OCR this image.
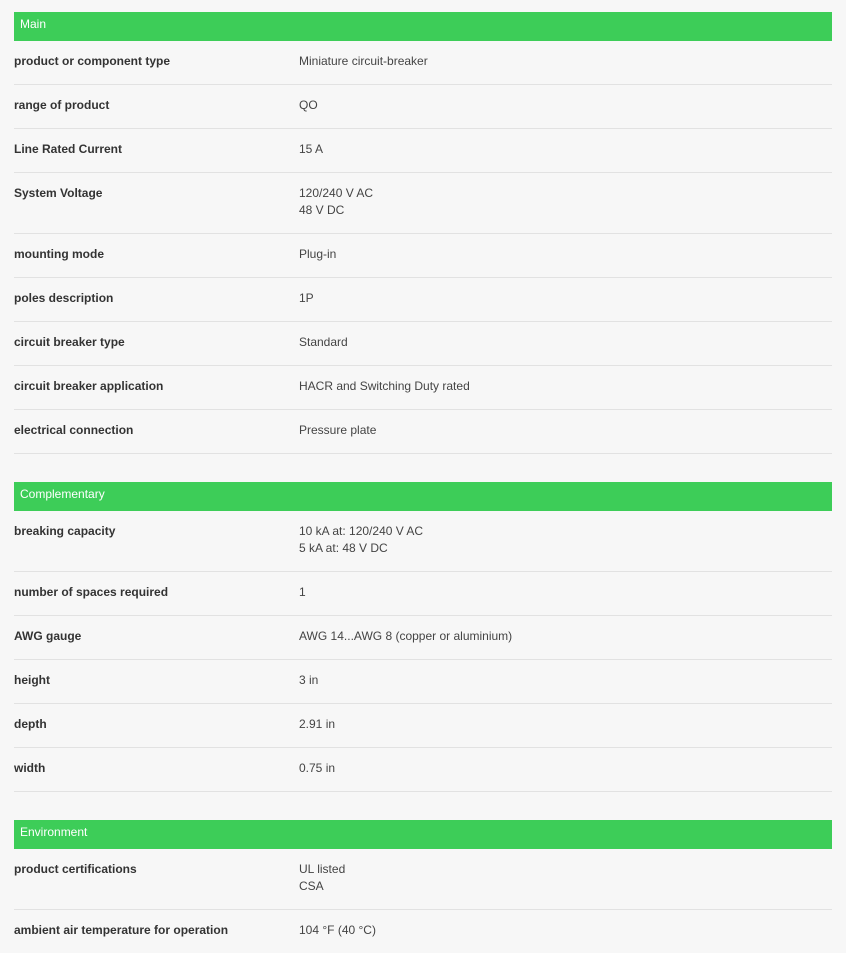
Main
product or component type	Miniature circuit-breaker
range of product	QO
Line Rated Current	15 A
System Voltage	120/240 V AC
48 V DC
mounting mode	Plug-in
poles description	1P
circuit breaker type	Standard
circuit breaker application	HACR and Switching Duty rated
electrical connection	Pressure plate
Complementary
breaking capacity	10 kA at: 120/240 V AC
5 kA at: 48 V DC
number of spaces required	1
AWG gauge	AWG 14...AWG 8 (copper or aluminium)
height	3 in
depth	2.91 in
width	0.75 in
Environment
product certifications	UL listed
CSA
ambient air temperature for operation	104 °F (40 °C)
